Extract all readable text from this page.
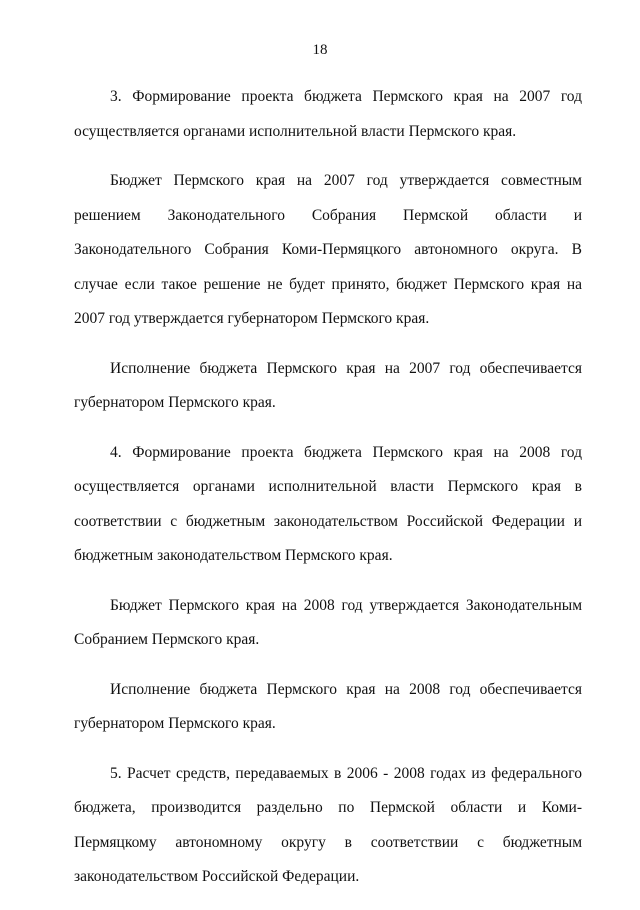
18

3. Формирование проекта бюджета Пермского края на 2007 год осуществляется органами исполнительной власти Пермского края.

Бюджет Пермского края на 2007 год утверждается совместным решением Законодательного Собрания Пермской области и Законодательного Собрания Коми-Пермяцкого автономного округа. В случае если такое решение не будет принято, бюджет Пермского края на 2007 год утверждается губернатором Пермского края.

Исполнение бюджета Пермского края на 2007 год обеспечивается губернатором Пермского края.

4. Формирование проекта бюджета Пермского края на 2008 год осуществляется органами исполнительной власти Пермского края в соответствии с бюджетным законодательством Российской Федерации и бюджетным законодательством Пермского края.

Бюджет Пермского края на 2008 год утверждается Законодательным Собранием Пермского края.

Исполнение бюджета Пермского края на 2008 год обеспечивается губернатором Пермского края.

5. Расчет средств, передаваемых в 2006 - 2008 годах из федерального бюджета, производится раздельно по Пермской области и Коми-Пермяцкому автономному округу в соответствии с бюджетным законодательством Российской Федерации.
